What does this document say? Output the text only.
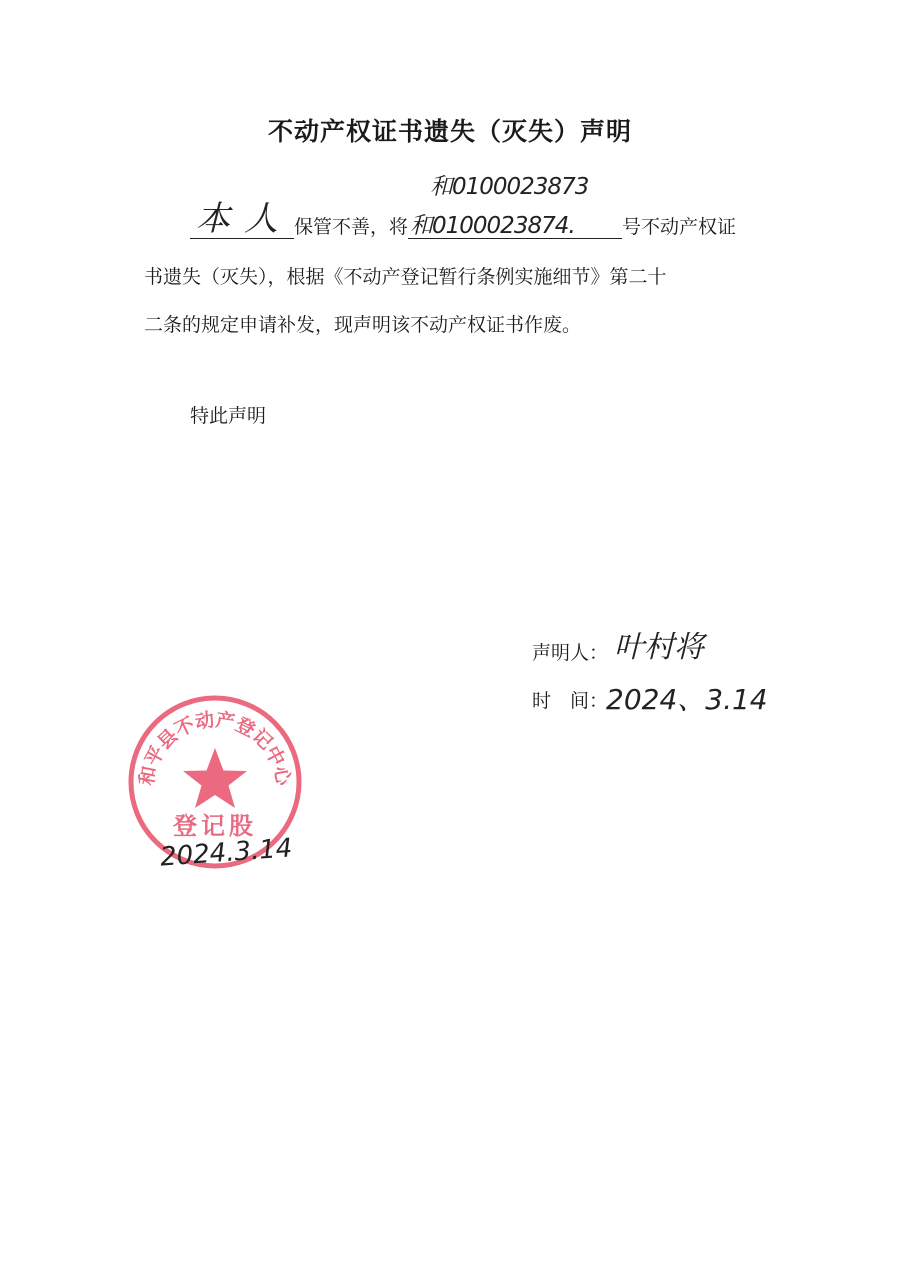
不动产权证书遗失（灭失）声明
和0100023873
本人 保管不善，将 和0100023874. 号不动产权证
书遗失（灭失），根据《不动产登记暂行条例实施细节》第二十
二条的规定申请补发，现声明该不动产权证书作废。
特此声明
声明人： 叶村将
时　间：
2024、3.14
和平县不动产登记中心
登记股
2024.3.14
